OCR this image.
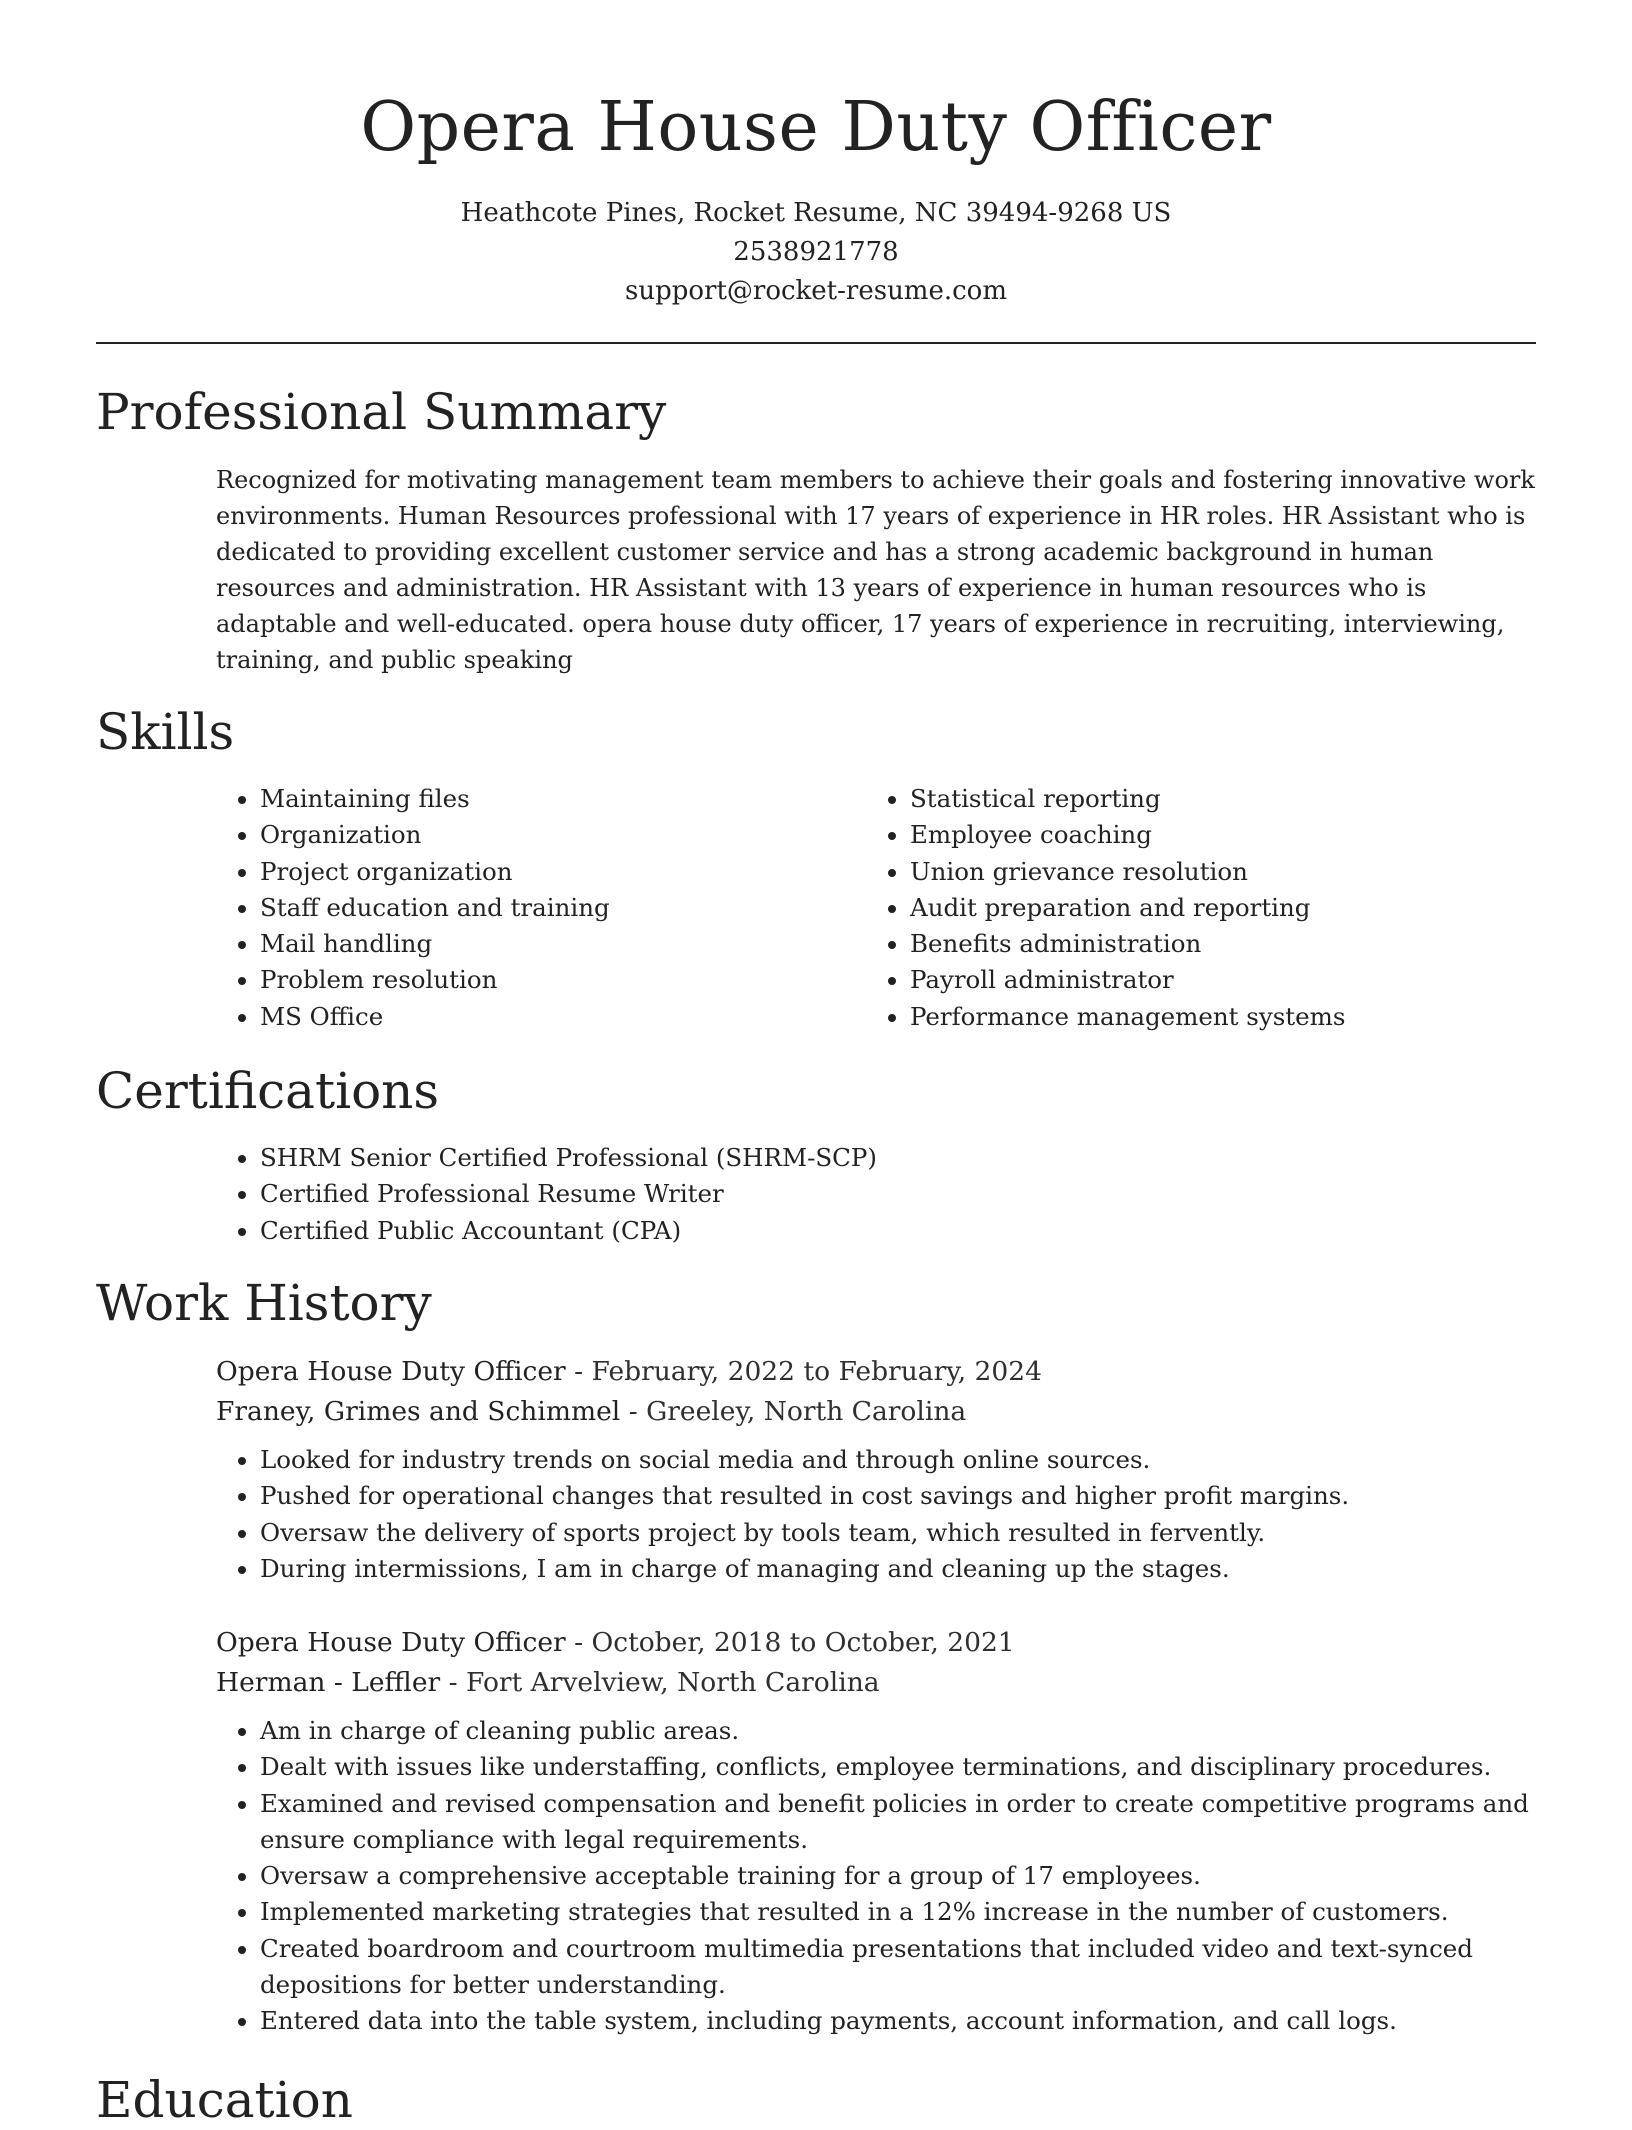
Opera House Duty Officer
Heathcote Pines, Rocket Resume, NC 39494-9268 US
2538921778
support@rocket-resume.com
Professional Summary
Recognized for motivating management team members to achieve their goals and fostering innovative work environments. Human Resources professional with 17 years of experience in HR roles. HR Assistant who is dedicated to providing excellent customer service and has a strong academic background in human resources and administration. HR Assistant with 13 years of experience in human resources who is adaptable and well-educated. opera house duty officer, 17 years of experience in recruiting, interviewing, training, and public speaking
Skills
• Maintaining files
• Organization
• Project organization
• Staff education and training
• Mail handling
• Problem resolution
• MS Office
• Statistical reporting
• Employee coaching
• Union grievance resolution
• Audit preparation and reporting
• Benefits administration
• Payroll administrator
• Performance management systems
Certifications
• SHRM Senior Certified Professional (SHRM-SCP)
• Certified Professional Resume Writer
• Certified Public Accountant (CPA)
Work History
Opera House Duty Officer - February, 2022 to February, 2024
Franey, Grimes and Schimmel - Greeley, North Carolina
• Looked for industry trends on social media and through online sources.
• Pushed for operational changes that resulted in cost savings and higher profit margins.
• Oversaw the delivery of sports project by tools team, which resulted in fervently.
• During intermissions, I am in charge of managing and cleaning up the stages.
Opera House Duty Officer - October, 2018 to October, 2021
Herman - Leffler - Fort Arvelview, North Carolina
• Am in charge of cleaning public areas.
• Dealt with issues like understaffing, conflicts, employee terminations, and disciplinary procedures.
• Examined and revised compensation and benefit policies in order to create competitive programs and ensure compliance with legal requirements.
• Oversaw a comprehensive acceptable training for a group of 17 employees.
• Implemented marketing strategies that resulted in a 12% increase in the number of customers.
• Created boardroom and courtroom multimedia presentations that included video and text-synced depositions for better understanding.
• Entered data into the table system, including payments, account information, and call logs.
Education
